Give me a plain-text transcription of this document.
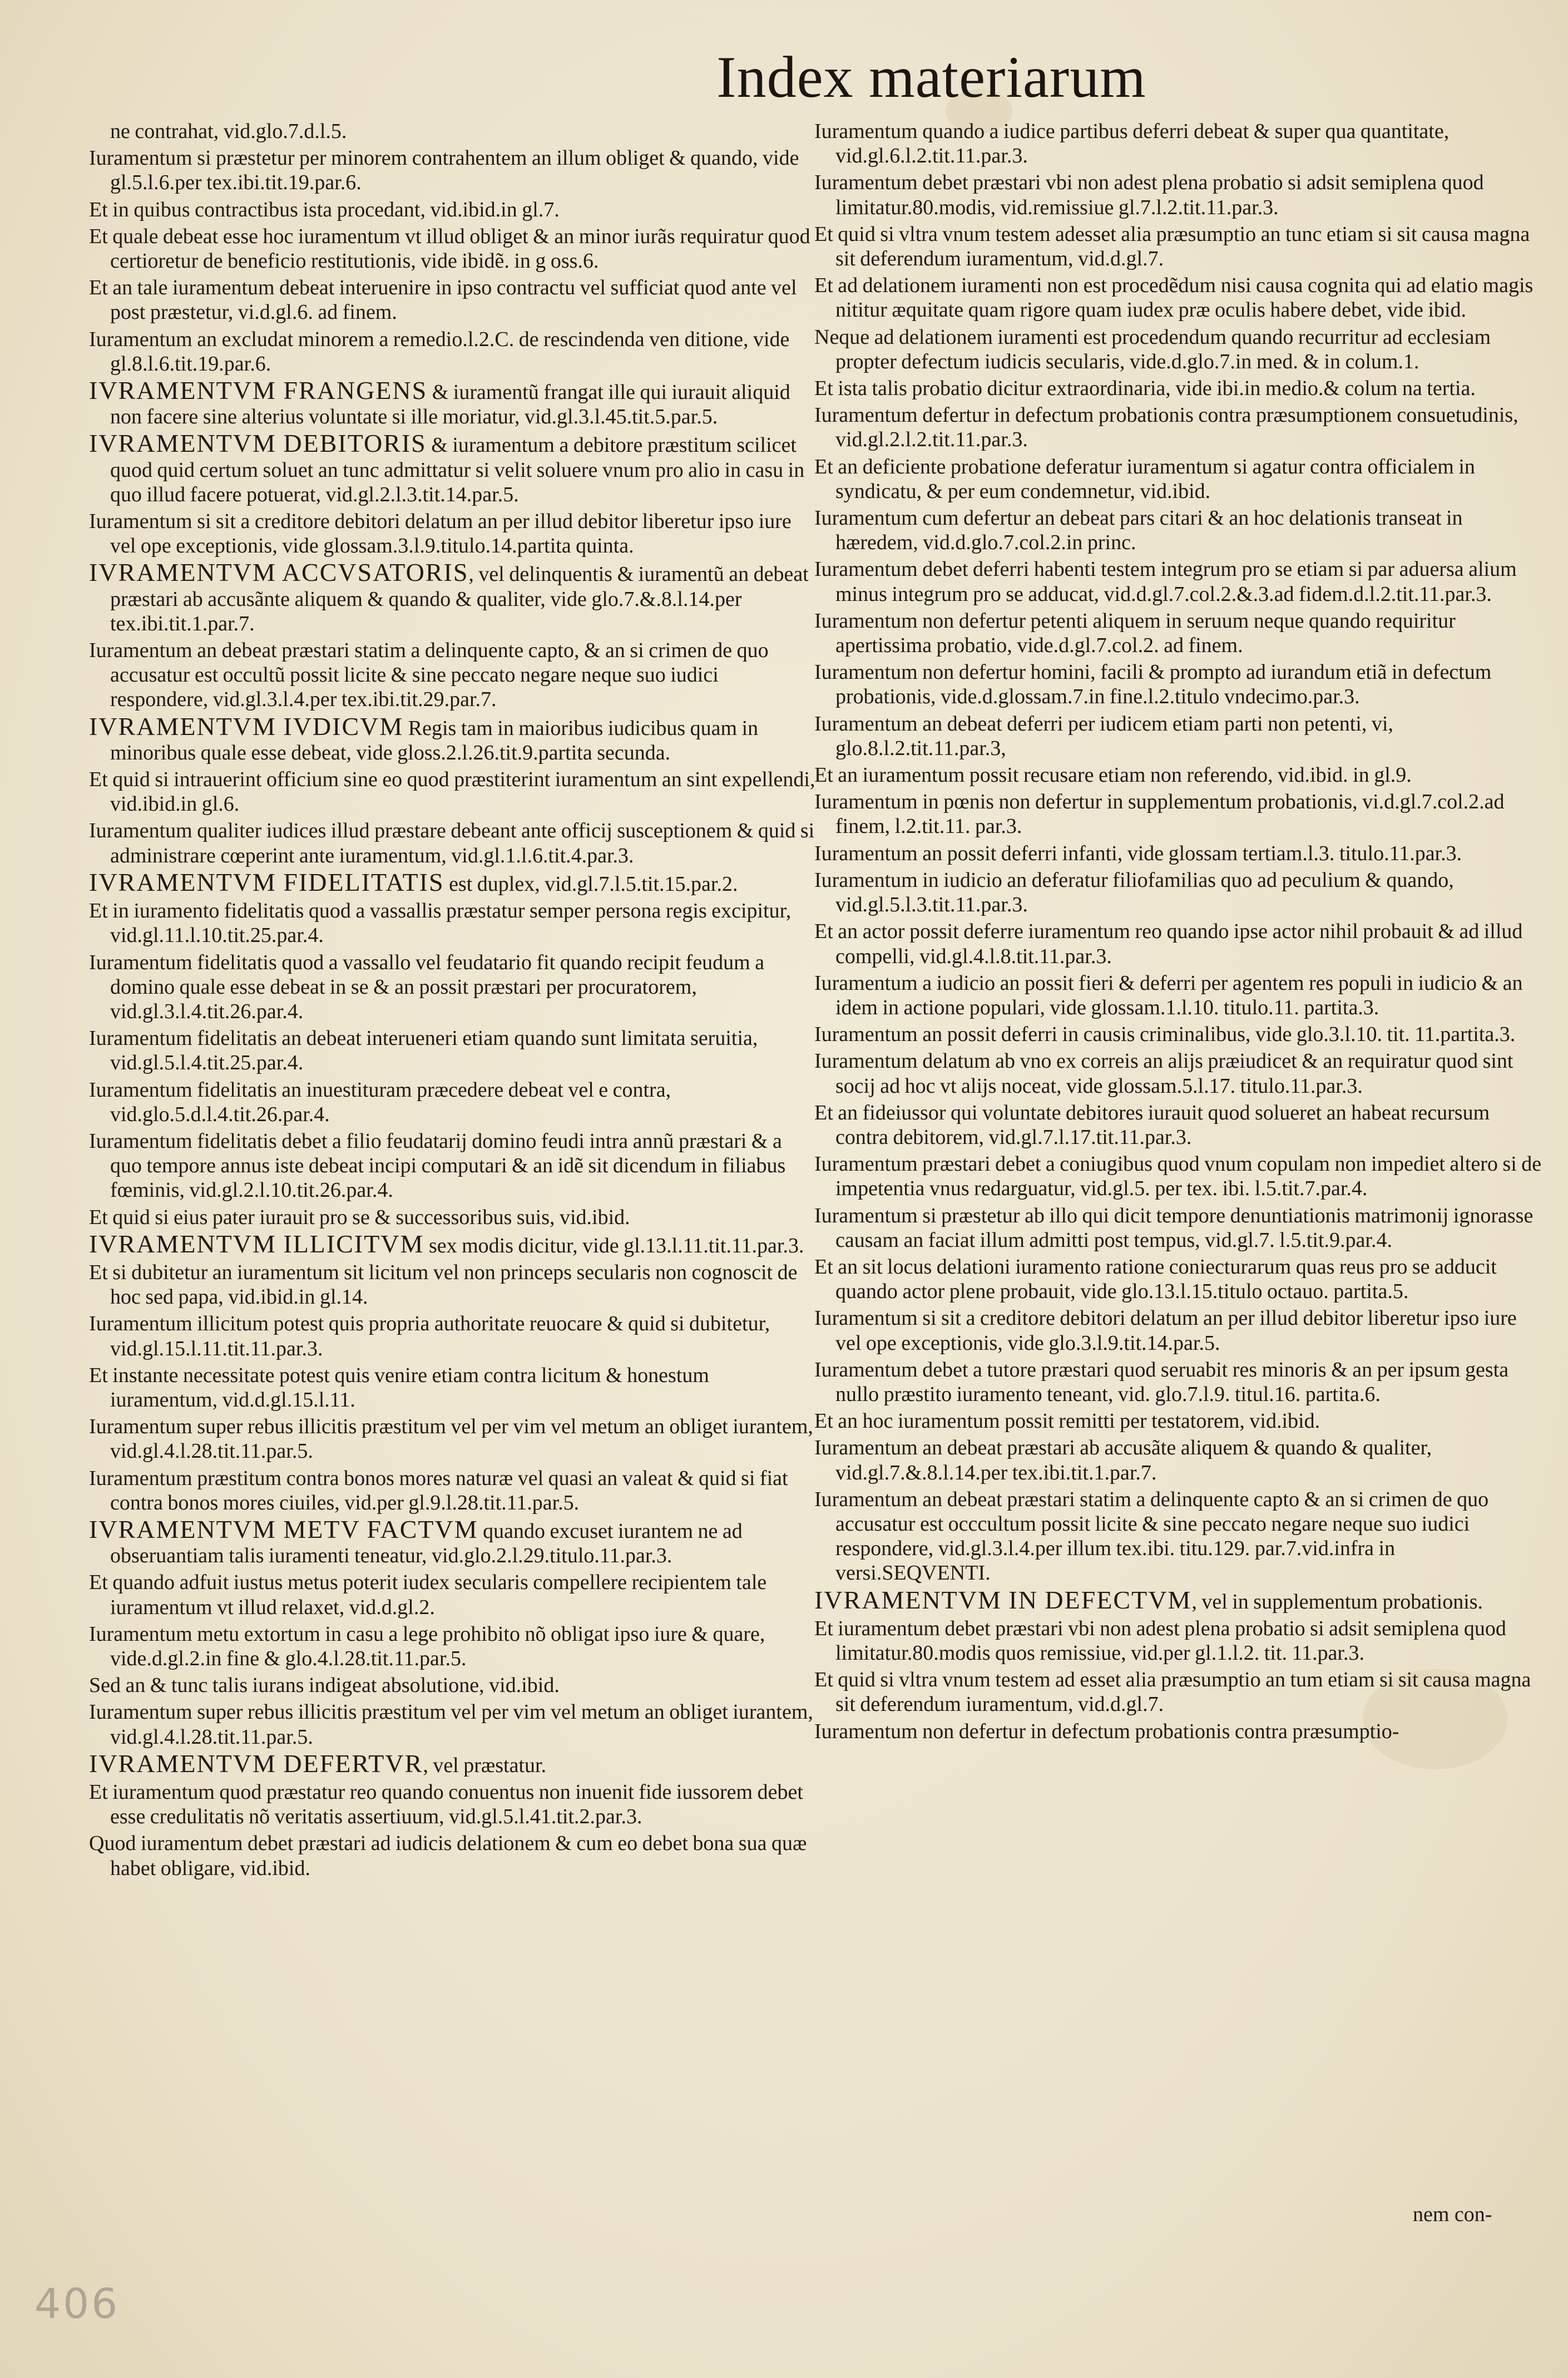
Index materiarum
ne contrahat, vid.glo.7.d.l.5.
Iuramentum si præstetur per minorem contrahentem an illum obliget & quando, vide gl.5.l.6.per tex.ibi.tit.19.par.6.
Et in quibus contractibus ista procedant, vid.ibid.in gl.7.
Et quale debeat esse hoc iuramentum vt illud obliget & an minor iurãs requiratur quod certioretur de beneficio restitutionis, vide ibidẽ. in g oss.6.
Et an tale iuramentum debeat interuenire in ipso contractu vel sufficiat quod ante vel post præstetur, vi.d.gl.6. ad finem.
Iuramentum an excludat minorem a remedio.l.2.C. de rescindenda ven ditione, vide gl.8.l.6.tit.19.par.6.
IVRAMENTVM FRANGENS & iuramentũ frangat ille qui iurauit aliquid non facere sine alterius voluntate si ille moriatur, vid.gl.3.l.45.tit.5.par.5.
IVRAMENTVM DEBITORIS & iuramentum a debitore præstitum scilicet quod quid certum soluet an tunc admittatur si velit soluere vnum pro alio in casu in quo illud facere potuerat, vid.gl.2.l.3.tit.14.par.5.
Iuramentum si sit a creditore debitori delatum an per illud debitor liberetur ipso iure vel ope exceptionis, vide glossam.3.l.9.titulo.14.partita quinta.
IVRAMENTVM ACCVSATORIS, vel delinquentis & iuramentũ an debeat præstari ab accusãnte aliquem & quando & qualiter, vide glo.7.&.8.l.14.per tex.ibi.tit.1.par.7.
Iuramentum an debeat præstari statim a delinquente capto, & an si crimen de quo accusatur est occultũ possit licite & sine peccato negare neque suo iudici respondere, vid.gl.3.l.4.per tex.ibi.tit.29.par.7.
IVRAMENTVM IVDICVM Regis tam in maioribus iudicibus quam in minoribus quale esse debeat, vide gloss.2.l.26.tit.9.partita secunda.
Et quid si intrauerint officium sine eo quod præstiterint iuramentum an sint expellendi, vid.ibid.in gl.6.
Iuramentum qualiter iudices illud præstare debeant ante officij susceptionem & quid si administrare cœperint ante iuramentum, vid.gl.1.l.6.tit.4.par.3.
IVRAMENTVM FIDELITATIS est duplex, vid.gl.7.l.5.tit.15.par.2.
Et in iuramento fidelitatis quod a vassallis præstatur semper persona regis excipitur, vid.gl.11.l.10.tit.25.par.4.
Iuramentum fidelitatis quod a vassallo vel feudatario fit quando recipit feudum a domino quale esse debeat in se & an possit præstari per procuratorem, vid.gl.3.l.4.tit.26.par.4.
Iuramentum fidelitatis an debeat interueneri etiam quando sunt limitata seruitia, vid.gl.5.l.4.tit.25.par.4.
Iuramentum fidelitatis an inuestituram præcedere debeat vel e contra, vid.glo.5.d.l.4.tit.26.par.4.
Iuramentum fidelitatis debet a filio feudatarij domino feudi intra annũ præstari & a quo tempore annus iste debeat incipi computari & an idẽ sit dicendum in filiabus fœminis, vid.gl.2.l.10.tit.26.par.4.
Et quid si eius pater iurauit pro se & successoribus suis, vid.ibid.
IVRAMENTVM ILLICITVM sex modis dicitur, vide gl.13.l.11.tit.11.par.3.
Et si dubitetur an iuramentum sit licitum vel non princeps secularis non cognoscit de hoc sed papa, vid.ibid.in gl.14.
Iuramentum illicitum potest quis propria authoritate reuocare & quid si dubitetur, vid.gl.15.l.11.tit.11.par.3.
Et instante necessitate potest quis venire etiam contra licitum & honestum iuramentum, vid.d.gl.15.l.11.
Iuramentum super rebus illicitis præstitum vel per vim vel metum an obliget iurantem, vid.gl.4.l.28.tit.11.par.5.
Iuramentum præstitum contra bonos mores naturæ vel quasi an valeat & quid si fiat contra bonos mores ciuiles, vid.per gl.9.l.28.tit.11.par.5.
IVRAMENTVM METV FACTVM quando excuset iurantem ne ad obseruantiam talis iuramenti teneatur, vid.glo.2.l.29.titulo.11.par.3.
Et quando adfuit iustus metus poterit iudex secularis compellere recipientem tale iuramentum vt illud relaxet, vid.d.gl.2.
Iuramentum metu extortum in casu a lege prohibito nõ obligat ipso iure & quare, vide.d.gl.2.in fine & glo.4.l.28.tit.11.par.5.
Sed an & tunc talis iurans indigeat absolutione, vid.ibid.
Iuramentum super rebus illicitis præstitum vel per vim vel metum an obliget iurantem, vid.gl.4.l.28.tit.11.par.5.
IVRAMENTVM DEFERTVR, vel præstatur.
Et iuramentum quod præstatur reo quando conuentus non inuenit fide iussorem debet esse credulitatis nõ veritatis assertiuum, vid.gl.5.l.41.tit.2.par.3.
Quod iuramentum debet præstari ad iudicis delationem & cum eo debet bona sua quæ habet obligare, vid.ibid.
Iuramentum quando a iudice partibus deferri debeat & super qua quantitate, vid.gl.6.l.2.tit.11.par.3.
Iuramentum debet præstari vbi non adest plena probatio si adsit semiplena quod limitatur.80.modis, vid.remissiue gl.7.l.2.tit.11.par.3.
Et quid si vltra vnum testem adesset alia præsumptio an tunc etiam si sit causa magna sit deferendum iuramentum, vid.d.gl.7.
Et ad delationem iuramenti non est procedẽdum nisi causa cognita qui ad elatio magis nititur æquitate quam rigore quam iudex præ oculis habere debet, vide ibid.
Neque ad delationem iuramenti est procedendum quando recurritur ad ecclesiam propter defectum iudicis secularis, vide.d.glo.7.in med. & in colum.1.
Et ista talis probatio dicitur extraordinaria, vide ibi.in medio.& colum na tertia.
Iuramentum defertur in defectum probationis contra præsumptionem consuetudinis, vid.gl.2.l.2.tit.11.par.3.
Et an deficiente probatione deferatur iuramentum si agatur contra officialem in syndicatu, & per eum condemnetur, vid.ibid.
Iuramentum cum defertur an debeat pars citari & an hoc delationis transeat in hæredem, vid.d.glo.7.col.2.in princ.
Iuramentum debet deferri habenti testem integrum pro se etiam si par aduersa alium minus integrum pro se adducat, vid.d.gl.7.col.2.&.3.ad fidem.d.l.2.tit.11.par.3.
Iuramentum non defertur petenti aliquem in seruum neque quando requiritur apertissima probatio, vide.d.gl.7.col.2. ad finem.
Iuramentum non defertur homini, facili & prompto ad iurandum etiã in defectum probationis, vide.d.glossam.7.in fine.l.2.titulo vndecimo.par.3.
Iuramentum an debeat deferri per iudicem etiam parti non petenti, vi, glo.8.l.2.tit.11.par.3,
Et an iuramentum possit recusare etiam non referendo, vid.ibid. in gl.9.
Iuramentum in pœnis non defertur in supplementum probationis, vi.d.gl.7.col.2.ad finem, l.2.tit.11. par.3.
Iuramentum an possit deferri infanti, vide glossam tertiam.l.3. titulo.11.par.3.
Iuramentum in iudicio an deferatur filiofamilias quo ad peculium & quando, vid.gl.5.l.3.tit.11.par.3.
Et an actor possit deferre iuramentum reo quando ipse actor nihil probauit & ad illud compelli, vid.gl.4.l.8.tit.11.par.3.
Iuramentum a iudicio an possit fieri & deferri per agentem res populi in iudicio & an idem in actione populari, vide glossam.1.l.10. titulo.11. partita.3.
Iuramentum an possit deferri in causis criminalibus, vide glo.3.l.10. tit. 11.partita.3.
Iuramentum delatum ab vno ex correis an alijs præiudicet & an requiratur quod sint socij ad hoc vt alijs noceat, vide glossam.5.l.17. titulo.11.par.3.
Et an fideiussor qui voluntate debitores iurauit quod solueret an habeat recursum contra debitorem, vid.gl.7.l.17.tit.11.par.3.
Iuramentum præstari debet a coniugibus quod vnum copulam non impediet altero si de impetentia vnus redarguatur, vid.gl.5. per tex. ibi. l.5.tit.7.par.4.
Iuramentum si præstetur ab illo qui dicit tempore denuntiationis matrimonij ignorasse causam an faciat illum admitti post tempus, vid.gl.7. l.5.tit.9.par.4.
Et an sit locus delationi iuramento ratione coniecturarum quas reus pro se adducit quando actor plene probauit, vide glo.13.l.15.titulo octauo. partita.5.
Iuramentum si sit a creditore debitori delatum an per illud debitor liberetur ipso iure vel ope exceptionis, vide glo.3.l.9.tit.14.par.5.
Iuramentum debet a tutore præstari quod seruabit res minoris & an per ipsum gesta nullo præstito iuramento teneant, vid. glo.7.l.9. titul.16. partita.6.
Et an hoc iuramentum possit remitti per testatorem, vid.ibid.
Iuramentum an debeat præstari ab accusãte aliquem & quando & qualiter, vid.gl.7.&.8.l.14.per tex.ibi.tit.1.par.7.
Iuramentum an debeat præstari statim a delinquente capto & an si crimen de quo accusatur est occcultum possit licite & sine peccato negare neque suo iudici respondere, vid.gl.3.l.4.per illum tex.ibi. titu.129. par.7.vid.infra in versi.SEQVENTI.
IVRAMENTVM IN DEFECTVM, vel in supplementum probationis.
Et iuramentum debet præstari vbi non adest plena probatio si adsit semiplena quod limitatur.80.modis quos remissiue, vid.per gl.1.l.2. tit. 11.par.3.
Et quid si vltra vnum testem ad esset alia præsumptio an tum etiam si sit causa magna sit deferendum iuramentum, vid.d.gl.7.
Iuramentum non defertur in defectum probationis contra præsumptio-
nem con-
406
